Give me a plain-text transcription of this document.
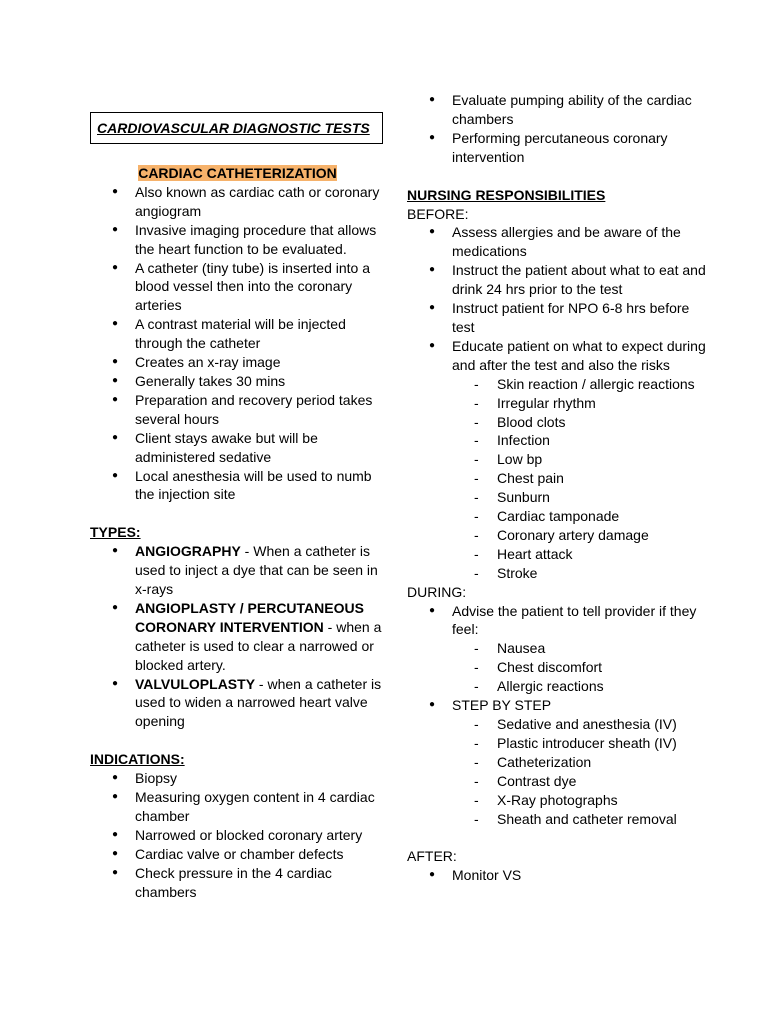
CARDIOVASCULAR DIAGNOSTIC TESTS
CARDIAC CATHETERIZATION
● Also known as cardiac cath or coronary angiogram
● Invasive imaging procedure that allows the heart function to be evaluated.
● A catheter (tiny tube) is inserted into a blood vessel then into the coronary arteries
● A contrast material will be injected through the catheter
● Creates an x-ray image
● Generally takes 30 mins
● Preparation and recovery period takes several hours
● Client stays awake but will be administered sedative
● Local anesthesia will be used to numb the injection site
TYPES:
● ANGIOGRAPHY - When a catheter is used to inject a dye that can be seen in x-rays
● ANGIOPLASTY / PERCUTANEOUS CORONARY INTERVENTION - when a catheter is used to clear a narrowed or blocked artery.
● VALVULOPLASTY - when a catheter is used to widen a narrowed heart valve opening
INDICATIONS:
● Biopsy
● Measuring oxygen content in 4 cardiac chamber
● Narrowed or blocked coronary artery
● Cardiac valve or chamber defects
● Check pressure in the 4 cardiac chambers
● Evaluate pumping ability of the cardiac chambers
● Performing percutaneous coronary intervention
NURSING RESPONSIBILITIES
BEFORE:
● Assess allergies and be aware of the medications
● Instruct the patient about what to eat and drink 24 hrs prior to the test
● Instruct patient for NPO 6-8 hrs before test
● Educate patient on what to expect during and after the test and also the risks
- Skin reaction / allergic reactions
- Irregular rhythm
- Blood clots
- Infection
- Low bp
- Chest pain
- Sunburn
- Cardiac tamponade
- Coronary artery damage
- Heart attack
- Stroke
DURING:
● Advise the patient to tell provider if they feel:
- Nausea
- Chest discomfort
- Allergic reactions
● STEP BY STEP
- Sedative and anesthesia (IV)
- Plastic introducer sheath (IV)
- Catheterization
- Contrast dye
- X-Ray photographs
- Sheath and catheter removal
AFTER:
● Monitor VS
